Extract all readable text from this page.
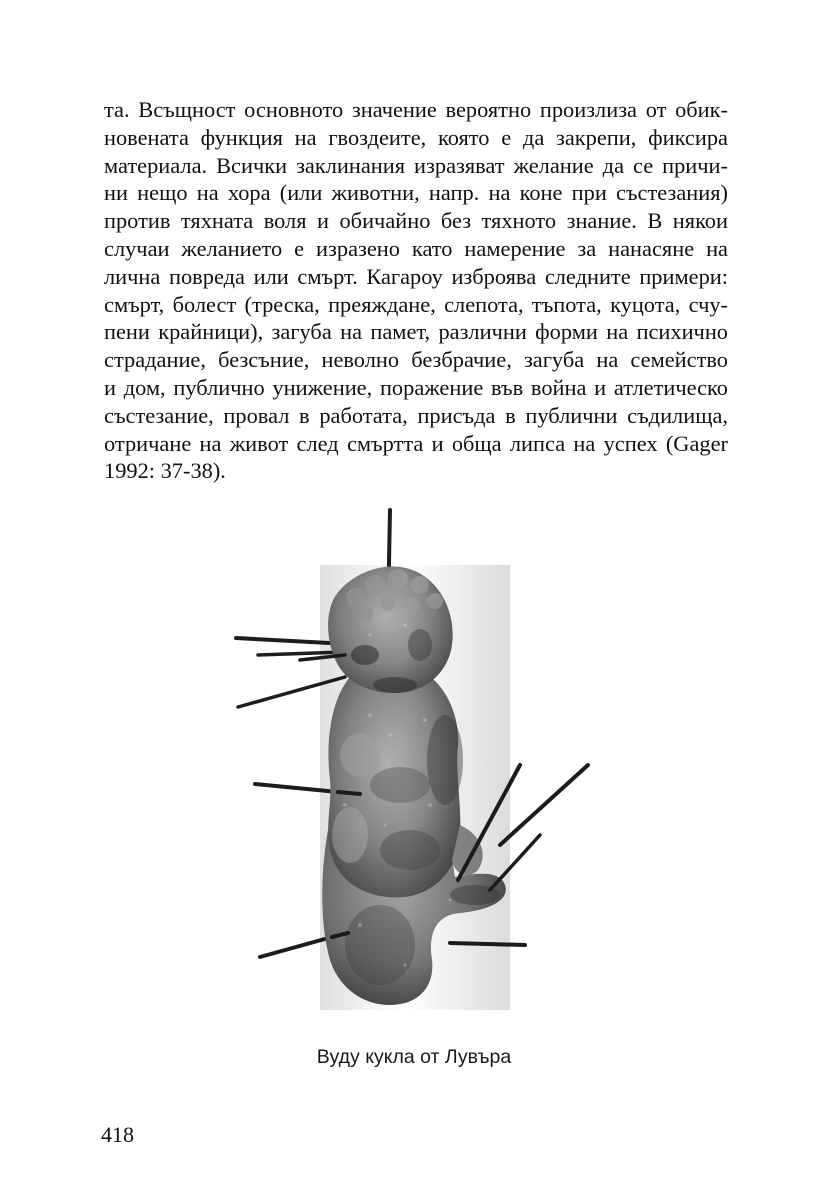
та. Всъщност основното значение вероятно произлиза от обик-
новената функция на гвоздеите, която е да закрепи, фиксира
материала. Всички заклинания изразяват желание да се причи-
ни нещо на хора (или животни, напр. на коне при състезания)
против тяхната воля и обичайно без тяхното знание. В някои
случаи желанието е изразено като намерение за нанасяне на
лична повреда или смърт. Кагароу изброява следните примери:
смърт, болест (треска, преяждане, слепота, тъпота, куцота, счу-
пени крайници), загуба на памет, различни форми на психично
страдание, безсъние, неволно безбрачие, загуба на семейство
и дом, публично унижение, поражение във война и атлетическо
състезание, провал в работата, присъда в публични съдилища,
отричане на живот след смъртта и обща липса на успех (Gager
1992: 37-38).
Вуду кукла от Лувъра
418
